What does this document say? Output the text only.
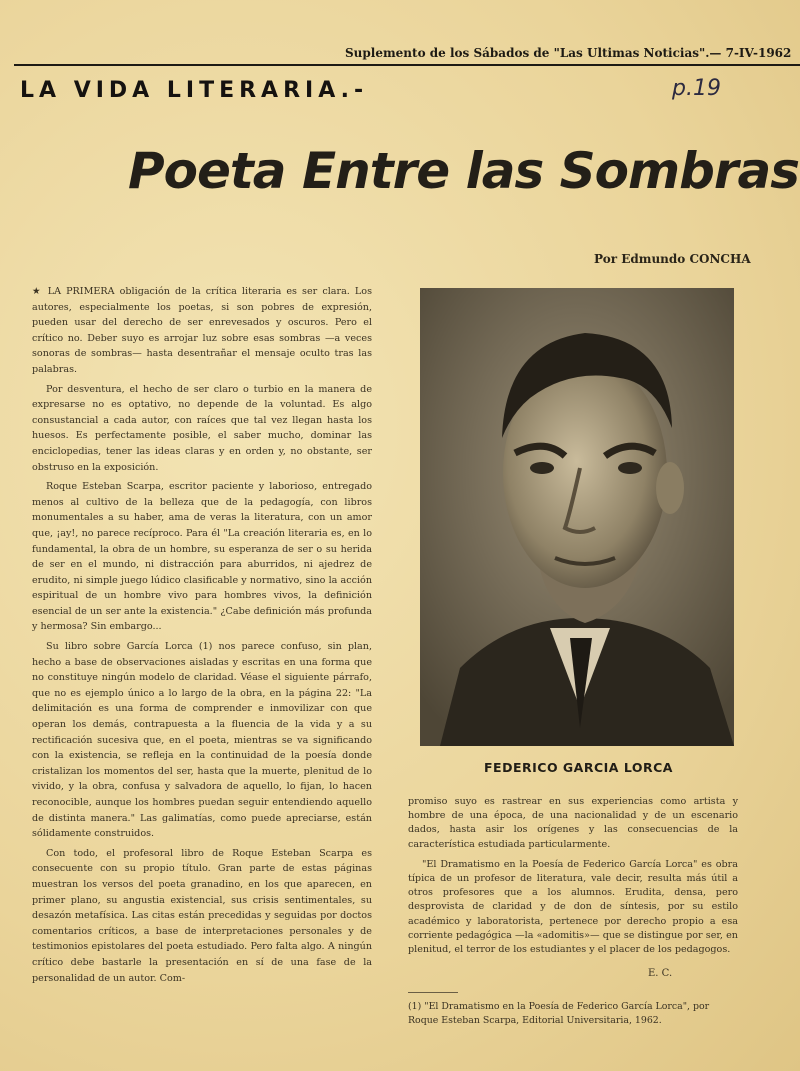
Suplemento de los Sábados de "Las Ultimas Noticias".— 7-IV-1962
LA VIDA LITERARIA.-	p.19
Poeta Entre las Sombras
Por Edmundo CONCHA

★ LA PRIMERA obligación de la crítica literaria es ser clara. Los autores, especialmente los poetas, si son pobres de expresión, pueden usar del derecho de ser enrevesados y oscuros. Pero el crítico no. Deber suyo es arrojar luz sobre esas sombras —a veces sonoras de sombras— hasta desentrañar el mensaje oculto tras las palabras.

Por desventura, el hecho de ser claro o turbio en la manera de expresarse no es optativo, no depende de la voluntad. Es algo consustancial a cada autor, con raíces que tal vez llegan hasta los huesos. Es perfectamente posible, el saber mucho, dominar las enciclopedias, tener las ideas claras y en orden y, no obstante, ser obstruso en la exposición.

Roque Esteban Scarpa, escritor paciente y laborioso, entregado menos al cultivo de la belleza que de la pedagogía, con libros monumentales a su haber, ama de veras la literatura, con un amor que, ¡ay!, no parece recíproco. Para él "La creación literaria es, en lo fundamental, la obra de un hombre, su esperanza de ser o su herida de ser en el mundo, ni distracción para aburridos, ni ajedrez de erudito, ni simple juego lúdico clasificable y normativo, sino la acción espiritual de un hombre vivo para hombres vivos, la definición esencial de un ser ante la existencia." ¿Cabe definición más profunda y hermosa? Sin embargo...

Su libro sobre García Lorca (1) nos parece confuso, sin plan, hecho a base de observaciones aisladas y escritas en una forma que no constituye ningún modelo de claridad. Véase el siguiente párrafo, que no es ejemplo único a lo largo de la obra, en la página 22: "La delimitación es una forma de comprender e inmovilizar con que operan los demás, contrapuesta a la fluencia de la vida y a su rectificación sucesiva que, en el poeta, mientras se va significando con la existencia, se refleja en la continuidad de la poesía donde cristalizan los momentos del ser, hasta que la muerte, plenitud de lo vivido, y la obra, confusa y salvadora de aquello, lo fijan, lo hacen reconocible, aunque los hombres puedan seguir entendiendo aquello de distinta manera." Las galimatías, como puede apreciarse, están sólidamente construidos.

Con todo, el profesoral libro de Roque Esteban Scarpa es consecuente con su propio título. Gran parte de estas páginas muestran los versos del poeta granadino, en los que aparecen, en primer plano, su angustia existencial, sus crisis sentimentales, su desazón metafísica. Las citas están precedidas y seguidas por doctos comentarios críticos, a base de interpretaciones personales y de testimonios epistolares del poeta estudiado. Pero falta algo. A ningún crítico debe bastarle la presentación en sí de una fase de la personalidad de un autor. Com-

FEDERICO GARCIA LORCA

promiso suyo es rastrear en sus experiencias como artista y hombre de una época, de una nacionalidad y de un escenario dados, hasta asir los orígenes y las consecuencias de la característica estudiada particularmente.

"El Dramatismo en la Poesía de Federico García Lorca" es obra típica de un profesor de literatura, vale decir, resulta más útil a otros profesores que a los alumnos. Erudita, densa, pero desprovista de claridad y de don de síntesis, por su estilo académico y laboratorista, pertenece por derecho propio a esa corriente pedagógica —la «adomitis»— que se distingue por ser, en plenitud, el terror de los estudiantes y el placer de los pedagogos.

E. C.
(1) "El Dramatismo en la Poesía de Federico García Lorca", por Roque Esteban Scarpa, Editorial Universitaria, 1962.
